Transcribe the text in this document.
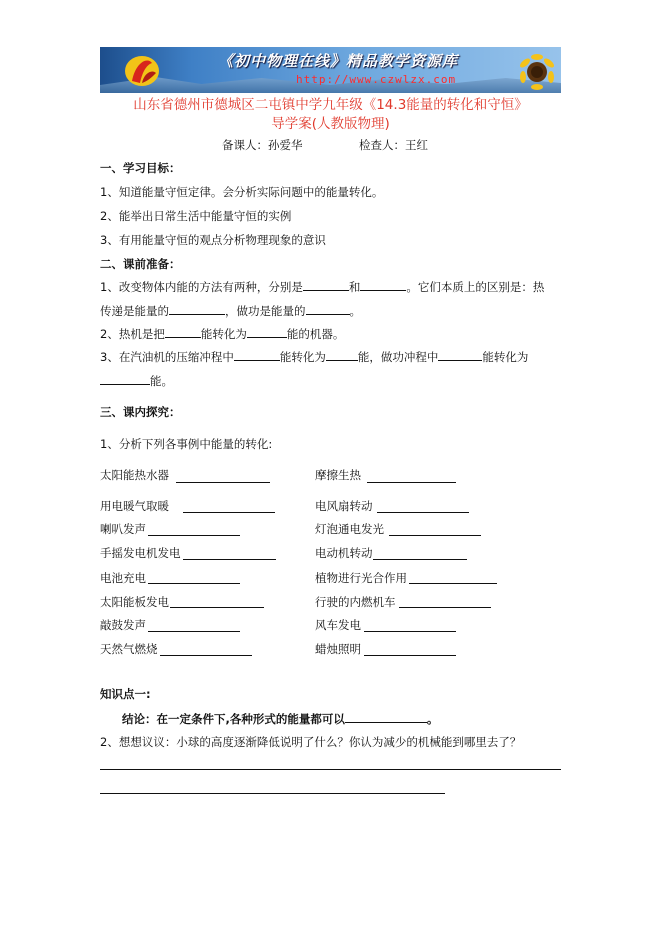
《初中物理在线》精品教学资源库
http://www.czwlzx.com
山东省德州市德城区二屯镇中学九年级《14.3能量的转化和守恒》
导学案(人教版物理)
备课人：孙爱华	检查人：王红
一、学习目标：
1、知道能量守恒定律。会分析实际问题中的能量转化。
2、能举出日常生活中能量守恒的实例
3、有用能量守恒的观点分析物理现象的意识
二、课前准备：
1、改变物体内能的方法有两种，分别是	和	。它们本质上的区别是：热
传递是能量的	，做功是能量的	。
2、热机是把	能转化为	能的机器。
3、在汽油机的压缩冲程中	能转化为	能，做功冲程中	能转化为
能。
三、课内探究：
1、分析下列各事例中能量的转化:
太阳能热水器	摩擦生热
用电暖气取暖	电风扇转动
喇叭发声	灯泡通电发光
手摇发电机发电	电动机转动
电池充电	植物进行光合作用
太阳能板发电	行驶的内燃机车
敲鼓发声	风车发电
天然气燃烧	蜡烛照明
知识点一:
结论：在一定条件下,各种形式的能量都可以	。
2、想想议议：小球的高度逐渐降低说明了什么？你认为减少的机械能到哪里去了？
